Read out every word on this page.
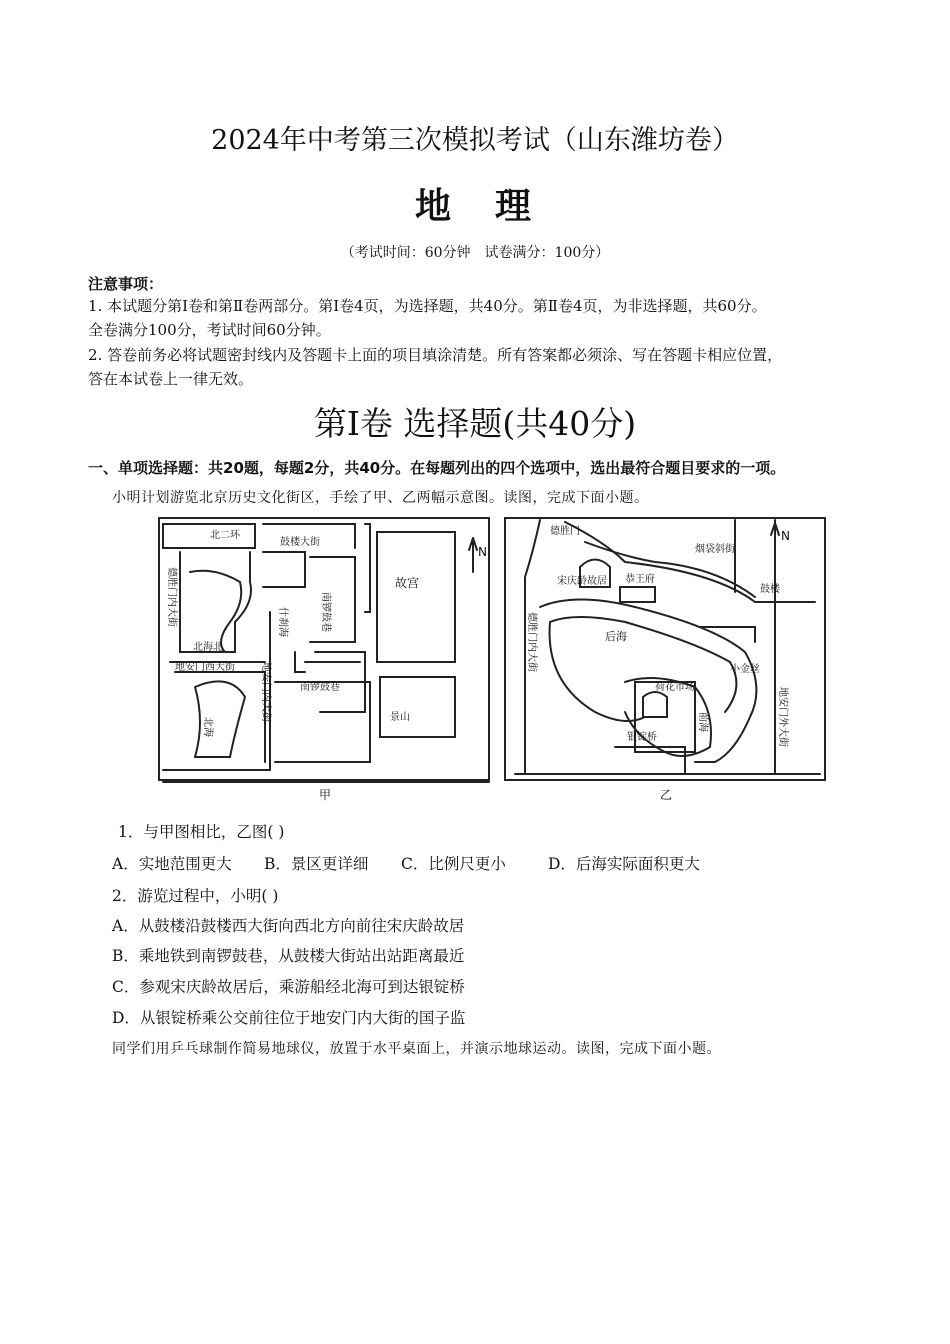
2024年中考第三次模拟考试（山东潍坊卷）
地　理
（考试时间：60分钟　试卷满分：100分）
注意事项：
1. 本试题分第Ⅰ卷和第Ⅱ卷两部分。第Ⅰ卷4页，为选择题，共40分。第Ⅱ卷4页，为非选择题，共60分。
全卷满分100分，考试时间60分钟。
2. 答卷前务必将试题密封线内及答题卡上面的项目填涂清楚。所有答案都必须涂、写在答题卡相应位置，
答在本试卷上一律无效。
第Ⅰ卷 选择题(共40分)
一、单项选择题：共20题，每题2分，共40分。在每题列出的四个选项中，选出最符合题目要求的一项。
小明计划游览北京历史文化街区，手绘了甲、乙两幅示意图。读图，完成下面小题。
北二环
鼓楼大街
故宫
什刹海	南锣鼓巷
德胜门内大街
北海北
地安门西大街	地安门内大街	南锣鼓巷
北海	景山
N
德胜门
后海
前海
宋庆龄故居 恭王府
鼓楼
银锭桥
荷花市场
德胜门内大街
地安门外大街
烟袋斜街
小金丝
N
甲	乙
1．与甲图相比，乙图( )
A．实地范围更大 B．景区更详细 C．比例尺更小	D．后海实际面积更大
2．游览过程中，小明( )
A．从鼓楼沿鼓楼西大街向西北方向前往宋庆龄故居
B．乘地铁到南锣鼓巷，从鼓楼大街站出站距离最近
C．参观宋庆龄故居后，乘游船经北海可到达银锭桥
D．从银锭桥乘公交前往位于地安门内大街的国子监
同学们用乒乓球制作简易地球仪，放置于水平桌面上，并演示地球运动。读图，完成下面小题。
